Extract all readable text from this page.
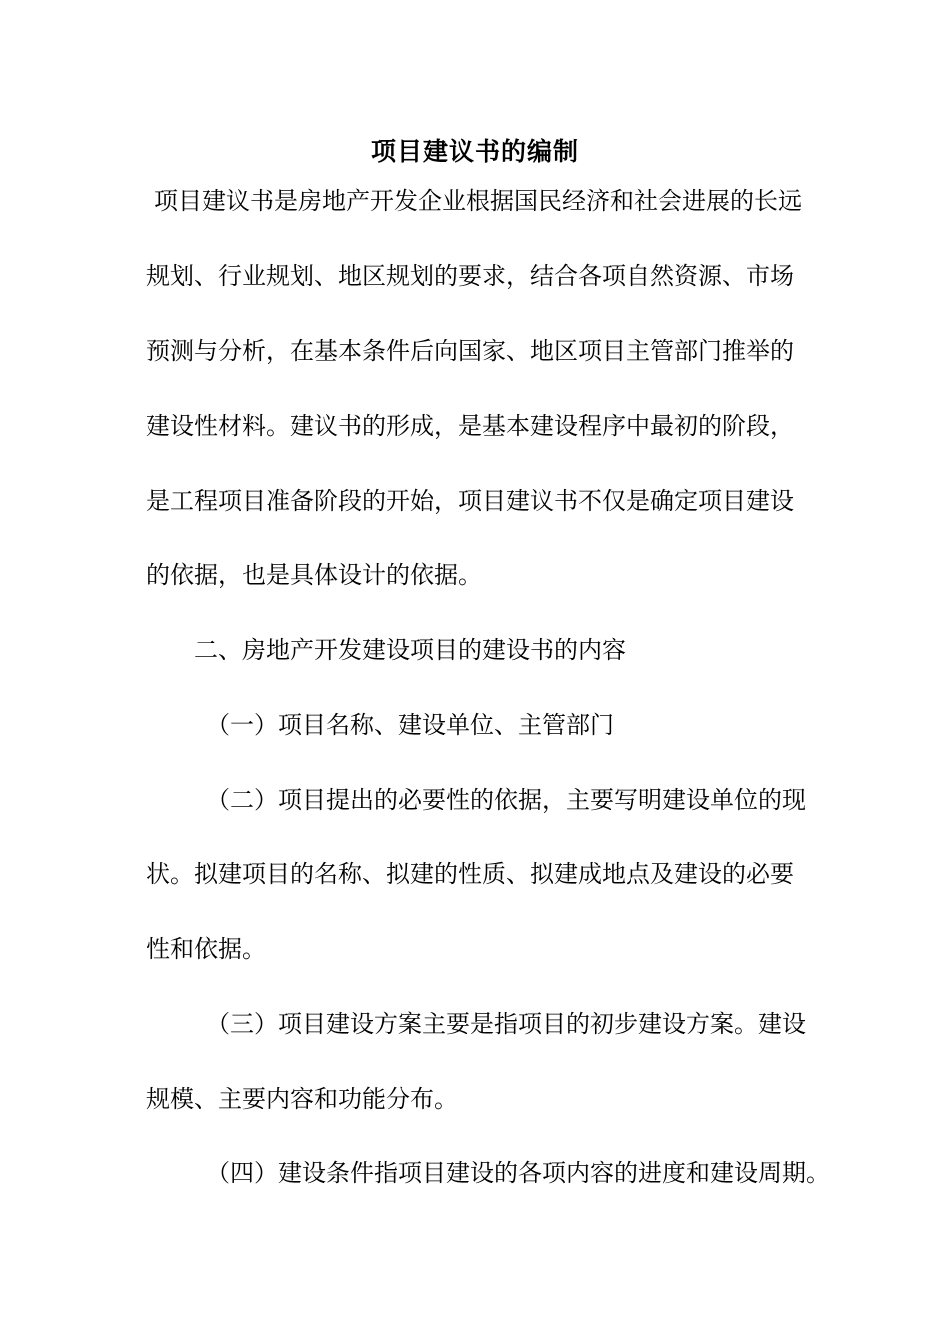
项目建议书的编制
项目建议书是房地产开发企业根据国民经济和社会进展的长远
规划、行业规划、地区规划的要求，结合各项自然资源、市场
预测与分析，在基本条件后向国家、地区项目主管部门推举的
建设性材料。建议书的形成，是基本建设程序中最初的阶段，
是工程项目准备阶段的开始，项目建议书不仅是确定项目建设
的依据，也是具体设计的依据。
二、房地产开发建设项目的建设书的内容
（一）项目名称、建设单位、主管部门
（二）项目提出的必要性的依据，主要写明建设单位的现
状。拟建项目的名称、拟建的性质、拟建成地点及建设的必要
性和依据。
（三）项目建设方案主要是指项目的初步建设方案。建设
规模、主要内容和功能分布。
（四）建设条件指项目建设的各项内容的进度和建设周期。
